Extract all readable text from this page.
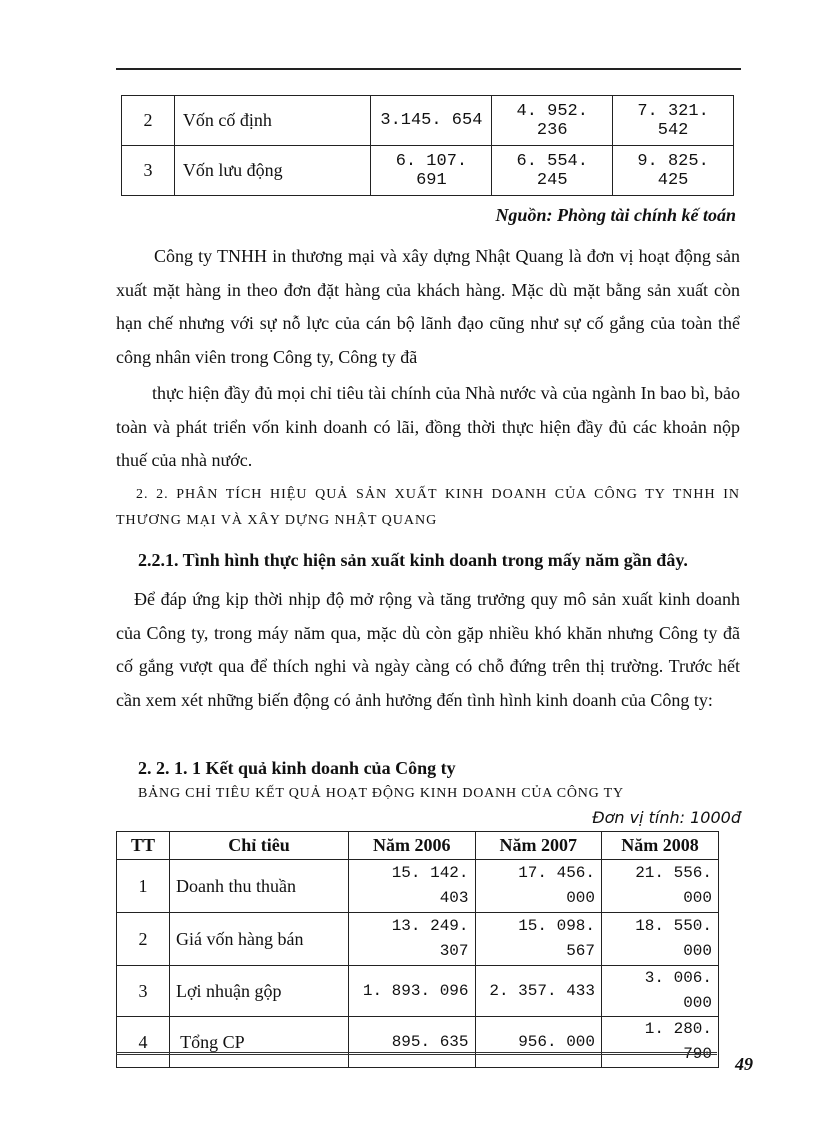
2	Vốn cố định	3.145. 654	4. 952. 236	7. 321. 542
3	Vốn lưu động	6. 107. 691	6. 554. 245	9. 825. 425
Nguồn: Phòng tài chính kế toán
Công ty TNHH in thương mại và xây dựng Nhật Quang là đơn vị hoạt động sản xuất mặt hàng in theo đơn đặt hàng của khách hàng. Mặc dù mặt bằng sản xuất còn hạn chế nhưng với sự nỗ lực của cán bộ lãnh đạo cũng như sự cố gắng của toàn thể công nhân viên trong Công ty, Công ty đã
thực hiện đầy đủ mọi chỉ tiêu tài chính của Nhà nước và của ngành In bao bì, bảo toàn và phát triển vốn kinh doanh có lãi, đồng thời thực hiện đầy đủ các khoản nộp thuế của nhà nước.
2. 2. PHÂN TÍCH HIỆU QUẢ SẢN XUẤT KINH DOANH CỦA CÔNG TY TNHH IN THƯƠNG MẠI VÀ XÂY DỰNG NHẬT QUANG
2.2.1. Tình hình thực hiện sản xuất kinh doanh trong mấy năm gần đây.
Để đáp ứng kịp thời nhịp độ mở rộng và tăng trưởng quy mô sản xuất kinh doanh của Công ty, trong máy năm qua, mặc dù còn gặp nhiều khó khăn nhưng Công ty đã cố gắng vượt qua để thích nghi và ngày càng có chỗ đứng trên thị trường. Trước hết cần xem xét những biến động có ảnh hưởng đến tình hình kinh doanh của Công ty:
2. 2. 1. 1 Kết quả kinh doanh của Công ty
BẢNG CHỈ TIÊU KẾT QUẢ HOẠT ĐỘNG KINH DOANH CỦA CÔNG TY
Đơn vị tính: 1000đ
TT	Chỉ tiêu	Năm 2006	Năm 2007	Năm 2008
1	Doanh thu thuần	15. 142. 403	17. 456. 000	21. 556. 000
2	Giá vốn hàng bán	13. 249. 307	15. 098. 567	18. 550. 000
3	Lợi nhuận gộp	1. 893. 096	2. 357. 433	3. 006. 000
4	Tổng CP	895. 635	956. 000	1. 280. 790 49
